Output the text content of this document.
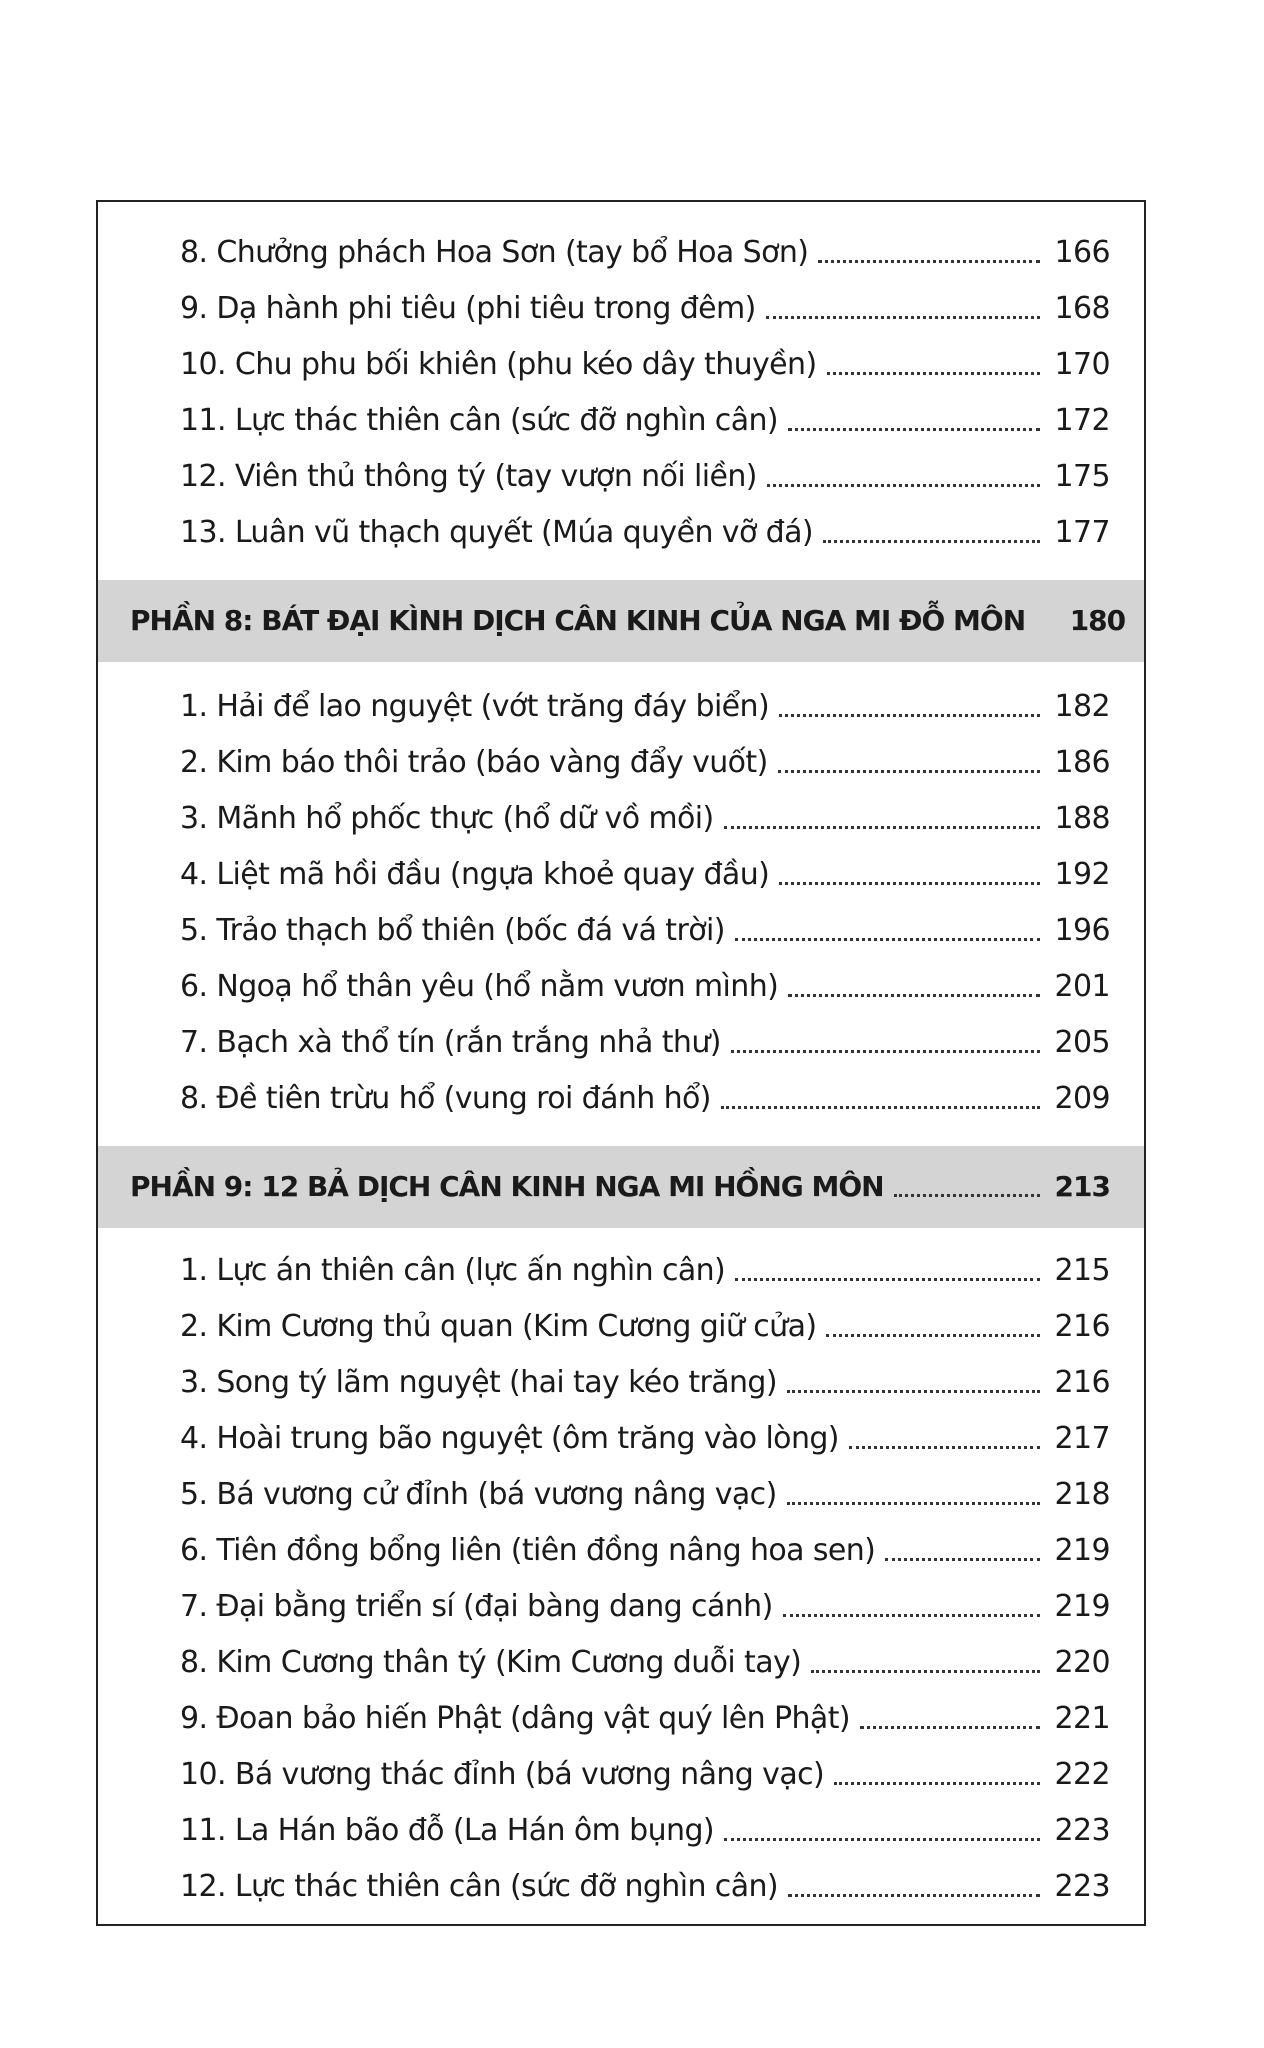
8. Chưởng phách Hoa Sơn (tay bổ Hoa Sơn)	166
9. Dạ hành phi tiêu (phi tiêu trong đêm)	168
10. Chu phu bối khiên (phu kéo dây thuyền)	170
11. Lực thác thiên cân (sức đỡ nghìn cân)	172
12. Viên thủ thông tý (tay vượn nối liền)	175
13. Luân vũ thạch quyết (Múa quyền vỡ đá)	177
PHẦN 8: BÁT ĐẠI KÌNH DỊCH CÂN KINH CỦA NGA MI ĐỖ MÔN 180
1. Hải để lao nguyệt (vớt trăng đáy biển)	182
2. Kim báo thôi trảo (báo vàng đẩy vuốt)	186
3. Mãnh hổ phốc thực (hổ dữ vồ mồi)	188
4. Liệt mã hồi đầu (ngựa khoẻ quay đầu)	192
5. Trảo thạch bổ thiên (bốc đá vá trời)	196
6. Ngoạ hổ thân yêu (hổ nằm vươn mình)	201
7. Bạch xà thổ tín (rắn trắng nhả thư)	205
8. Đề tiên trừu hổ (vung roi đánh hổ)	209
PHẦN 9: 12 BẢ DỊCH CÂN KINH NGA MI HỒNG MÔN	213
1. Lực án thiên cân (lực ấn nghìn cân)	215
2. Kim Cương thủ quan (Kim Cương giữ cửa)	216
3. Song tý lãm nguyệt (hai tay kéo trăng)	216
4. Hoài trung bão nguyệt (ôm trăng vào lòng)	217
5. Bá vương cử đỉnh (bá vương nâng vạc)	218
6. Tiên đồng bổng liên (tiên đồng nâng hoa sen)	219
7. Đại bằng triển sí (đại bàng dang cánh)	219
8. Kim Cương thân tý (Kim Cương duỗi tay)	220
9. Đoan bảo hiến Phật (dâng vật quý lên Phật)	221
10. Bá vương thác đỉnh (bá vương nâng vạc)	222
11. La Hán bão đỗ (La Hán ôm bụng)	223
12. Lực thác thiên cân (sức đỡ nghìn cân)	223
